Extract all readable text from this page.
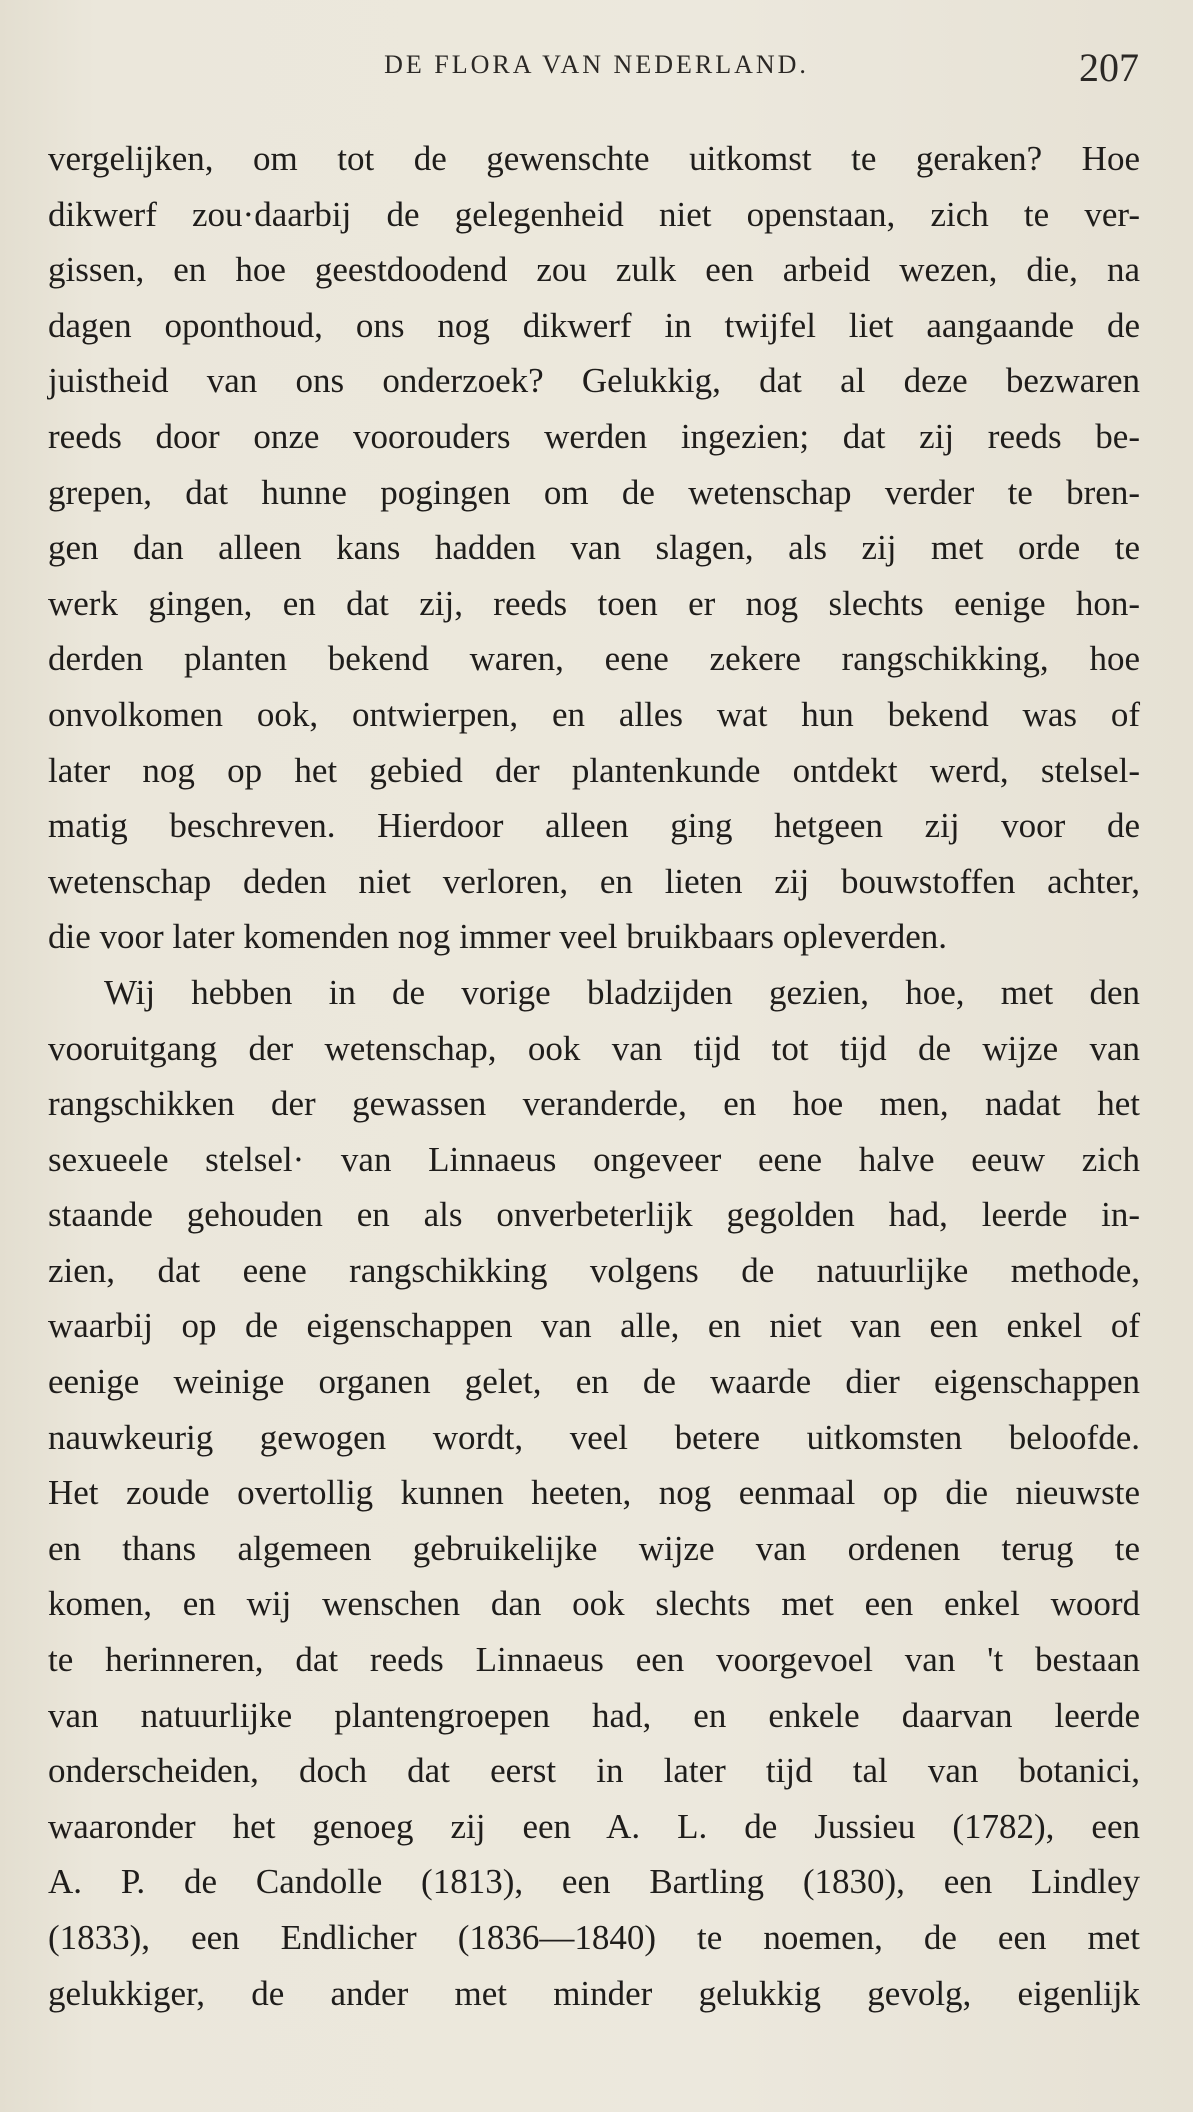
DE FLORA VAN NEDERLAND.	207
vergelijken, om tot de gewenschte uitkomst te geraken? Hoe
dikwerf zou·daarbij de gelegenheid niet openstaan, zich te ver-
gissen, en hoe geestdoodend zou zulk een arbeid wezen, die, na
dagen oponthoud, ons nog dikwerf in twijfel liet aangaande de
juistheid van ons onderzoek? Gelukkig, dat al deze bezwaren
reeds door onze voorouders werden ingezien; dat zij reeds be-
grepen, dat hunne pogingen om de wetenschap verder te bren-
gen dan alleen kans hadden van slagen, als zij met orde te
werk gingen, en dat zij, reeds toen er nog slechts eenige hon-
derden planten bekend waren, eene zekere rangschikking, hoe
onvolkomen ook, ontwierpen, en alles wat hun bekend was of
later nog op het gebied der plantenkunde ontdekt werd, stelsel-
matig beschreven. Hierdoor alleen ging hetgeen zij voor de
wetenschap deden niet verloren, en lieten zij bouwstoffen achter,
die voor later komenden nog immer veel bruikbaars opleverden.
Wij hebben in de vorige bladzijden gezien, hoe, met den
vooruitgang der wetenschap, ook van tijd tot tijd de wijze van
rangschikken der gewassen veranderde, en hoe men, nadat het
sexueele stelsel· van Linnaeus ongeveer eene halve eeuw zich
staande gehouden en als onverbeterlijk gegolden had, leerde in-
zien, dat eene rangschikking volgens de natuurlijke methode,
waarbij op de eigenschappen van alle, en niet van een enkel of
eenige weinige organen gelet, en de waarde dier eigenschappen
nauwkeurig gewogen wordt, veel betere uitkomsten beloofde.
Het zoude overtollig kunnen heeten, nog eenmaal op die nieuwste
en thans algemeen gebruikelijke wijze van ordenen terug te
komen, en wij wenschen dan ook slechts met een enkel woord
te herinneren, dat reeds Linnaeus een voorgevoel van 't bestaan
van natuurlijke plantengroepen had, en enkele daarvan leerde
onderscheiden, doch dat eerst in later tijd tal van botanici,
waaronder het genoeg zij een A. L. de Jussieu (1782), een
A. P. de Candolle (1813), een Bartling (1830), een Lindley
(1833), een Endlicher (1836—1840) te noemen, de een met
gelukkiger, de ander met minder gelukkig gevolg, eigenlijk
